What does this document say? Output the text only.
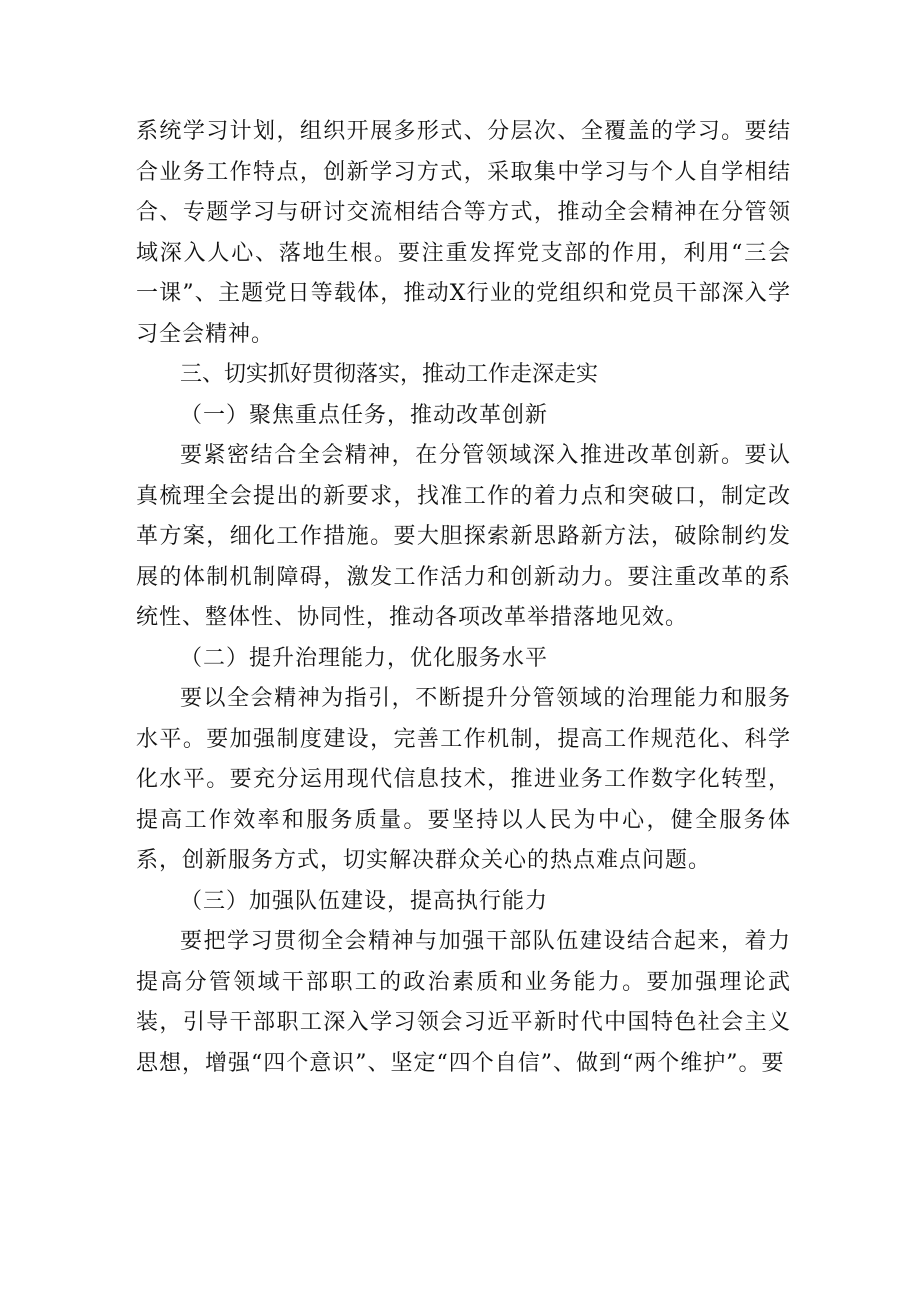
系统学习计划，组织开展多形式、分层次、全覆盖的学习。要结合业务工作特点，创新学习方式，采取集中学习与个人自学相结合、专题学习与研讨交流相结合等方式，推动全会精神在分管领域深入人心、落地生根。要注重发挥党支部的作用，利用“三会一课”、主题党日等载体，推动X行业的党组织和党员干部深入学习全会精神。

三、切实抓好贯彻落实，推动工作走深走实
（一）聚焦重点任务，推动改革创新

要紧密结合全会精神，在分管领域深入推进改革创新。要认真梳理全会提出的新要求，找准工作的着力点和突破口，制定改革方案，细化工作措施。要大胆探索新思路新方法，破除制约发展的体制机制障碍，激发工作活力和创新动力。要注重改革的系统性、整体性、协同性，推动各项改革举措落地见效。

（二）提升治理能力，优化服务水平

要以全会精神为指引，不断提升分管领域的治理能力和服务水平。要加强制度建设，完善工作机制，提高工作规范化、科学化水平。要充分运用现代信息技术，推进业务工作数字化转型，提高工作效率和服务质量。要坚持以人民为中心，健全服务体系，创新服务方式，切实解决群众关心的热点难点问题。

（三）加强队伍建设，提高执行能力

要把学习贯彻全会精神与加强干部队伍建设结合起来，着力提高分管领域干部职工的政治素质和业务能力。要加强理论武装，引导干部职工深入学习领会习近平新时代中国特色社会主义思想，增强“四个意识”、坚定“四个自信”、做到“两个维护”。要
